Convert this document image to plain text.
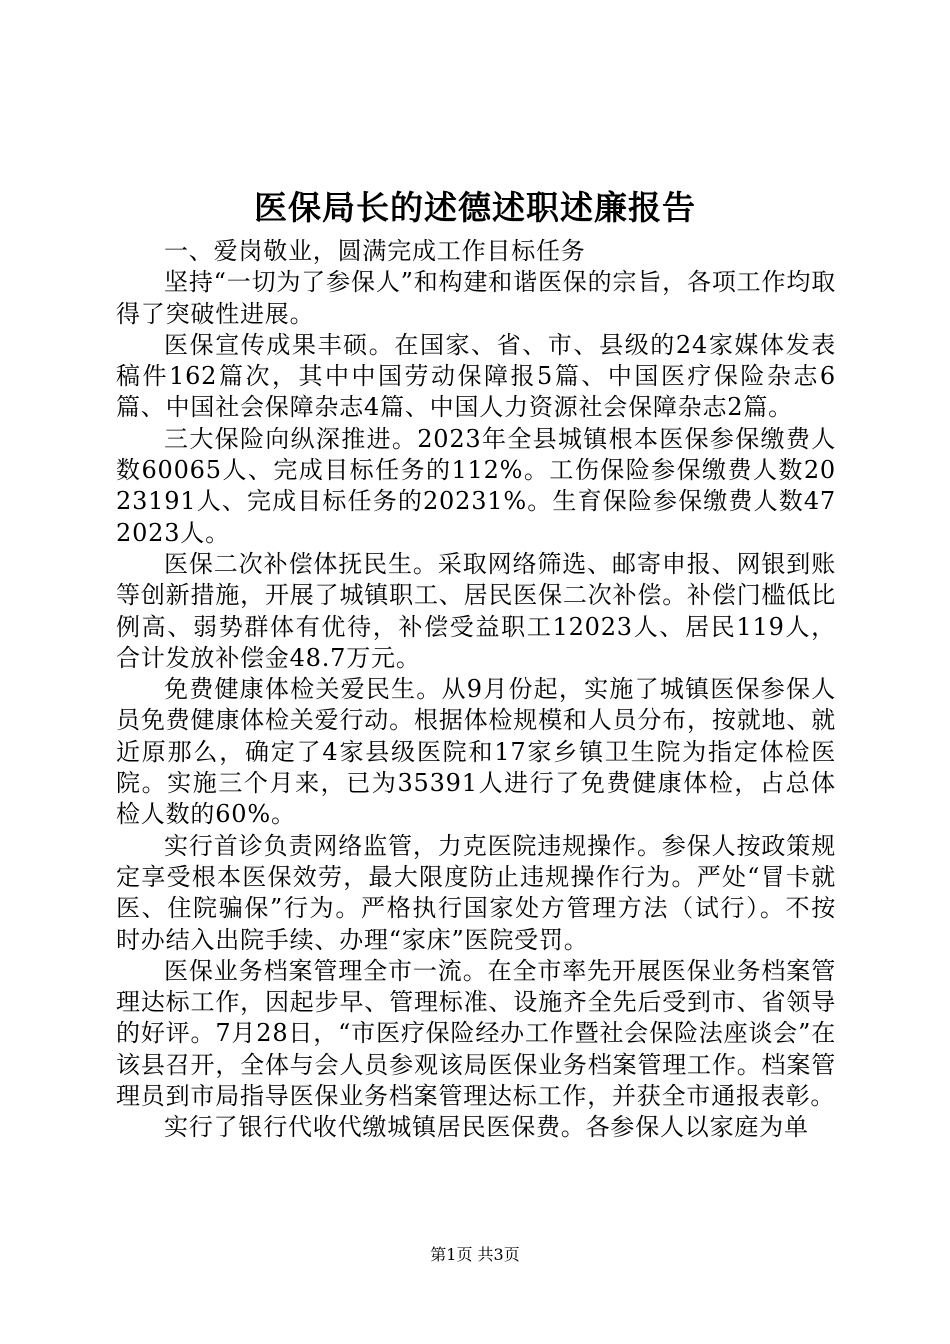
医保局长的述德述职述廉报告

一、爱岗敬业，圆满完成工作目标任务

坚持“一切为了参保人”和构建和谐医保的宗旨，各项工作均取得了突破性进展。

医保宣传成果丰硕。在国家、省、市、县级的24家媒体发表稿件162篇次，其中中国劳动保障报5篇、中国医疗保险杂志6篇、中国社会保障杂志4篇、中国人力资源社会保障杂志2篇。

三大保险向纵深推进。2023年全县城镇根本医保参保缴费人数60065人、完成目标任务的112%。工伤保险参保缴费人数2023191人、完成目标任务的20231%。生育保险参保缴费人数472023人。

医保二次补偿体抚民生。采取网络筛选、邮寄申报、网银到账等创新措施，开展了城镇职工、居民医保二次补偿。补偿门槛低比例高、弱势群体有优待，补偿受益职工12023人、居民119人，合计发放补偿金48.7万元。

免费健康体检关爱民生。从9月份起，实施了城镇医保参保人员免费健康体检关爱行动。根据体检规模和人员分布，按就地、就近原那么，确定了4家县级医院和17家乡镇卫生院为指定体检医院。实施三个月来，已为35391人进行了免费健康体检，占总体检人数的60%。

实行首诊负责网络监管，力克医院违规操作。参保人按政策规定享受根本医保效劳，最大限度防止违规操作行为。严处“冒卡就医、住院骗保”行为。严格执行国家处方管理方法（试行）。不按时办结入出院手续、办理“家床”医院受罚。

医保业务档案管理全市一流。在全市率先开展医保业务档案管理达标工作，因起步早、管理标准、设施齐全先后受到市、省领导的好评。7月28日，“市医疗保险经办工作暨社会保险法座谈会”在该县召开，全体与会人员参观该局医保业务档案管理工作。档案管理员到市局指导医保业务档案管理达标工作，并获全市通报表彰。

实行了银行代收代缴城镇居民医保费。各参保人以家庭为单

第1页 共3页
